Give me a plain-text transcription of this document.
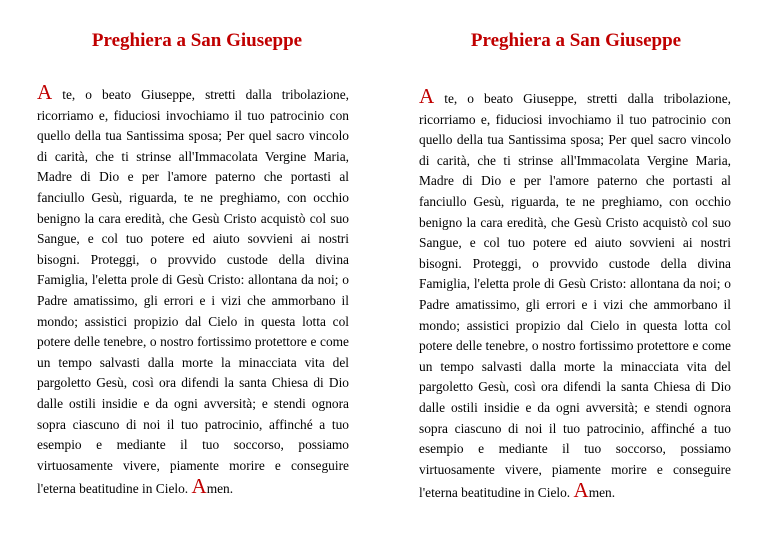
Preghiera a San Giuseppe
A te, o beato Giuseppe, stretti dalla tribolazione, ricorriamo e, fiduciosi invochiamo il tuo patrocinio con quello della tua Santissima sposa; Per quel sacro vincolo di carità, che ti strinse all'Immacolata Vergine Maria, Madre di Dio e per l'amore paterno che portasti al fanciullo Gesù, riguarda, te ne preghiamo, con occhio benigno la cara eredità, che Gesù Cristo acquistò col suo Sangue, e col tuo potere ed aiuto sovvieni ai nostri bisogni. Proteggi, o provvido custode della divina Famiglia, l'eletta prole di Gesù Cristo: allontana da noi; o Padre amatissimo, gli errori e i vizi che ammorbano il mondo; assistici propizio dal Cielo in questa lotta col potere delle tenebre, o nostro fortissimo protettore e come un tempo salvasti dalla morte la minacciata vita del pargoletto Gesù, così ora difendi la santa Chiesa di Dio dalle ostili insidie e da ogni avversità; e stendi ognora sopra ciascuno di noi il tuo patrocinio, affinché a tuo esempio e mediante il tuo soccorso, possiamo virtuosamente vivere, piamente morire e conseguire l'eterna beatitudine in Cielo. Amen.
Preghiera a San Giuseppe
A te, o beato Giuseppe, stretti dalla tribolazione, ricorriamo e, fiduciosi invochiamo il tuo patrocinio con quello della tua Santissima sposa; Per quel sacro vincolo di carità, che ti strinse all'Immacolata Vergine Maria, Madre di Dio e per l'amore paterno che portasti al fanciullo Gesù, riguarda, te ne preghiamo, con occhio benigno la cara eredità, che Gesù Cristo acquistò col suo Sangue, e col tuo potere ed aiuto sovvieni ai nostri bisogni. Proteggi, o provvido custode della divina Famiglia, l'eletta prole di Gesù Cristo: allontana da noi; o Padre amatissimo, gli errori e i vizi che ammorbano il mondo; assistici propizio dal Cielo in questa lotta col potere delle tenebre, o nostro fortissimo protettore e come un tempo salvasti dalla morte la minacciata vita del pargoletto Gesù, così ora difendi la santa Chiesa di Dio dalle ostili insidie e da ogni avversità; e stendi ognora sopra ciascuno di noi il tuo patrocinio, affinché a tuo esempio e mediante il tuo soccorso, possiamo virtuosamente vivere, piamente morire e conseguire l'eterna beatitudine in Cielo. Amen.
